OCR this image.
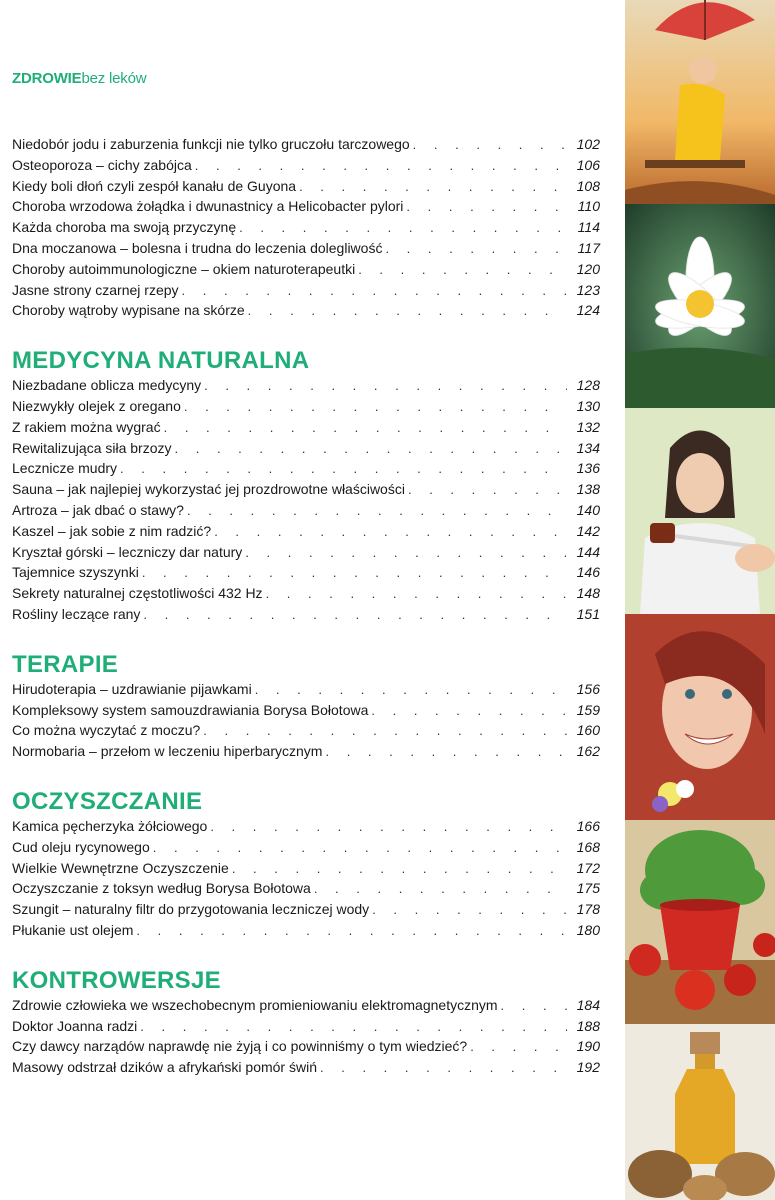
ZDROWIEbez leków
Niedobór jodu i zaburzenia funkcji nie tylko gruczołu tarczowego . . .	102
Osteoporoza – cichy zabójca . . .	106
Kiedy boli dłoń czyli zespół kanału de Guyona . . .	108
Choroba wrzodowa żołądka i dwunastnicy a Helicobacter pylori . . .	110
Każda choroba ma swoją przyczynę . . .	114
Dna moczanowa – bolesna i trudna do leczenia dolegliwość . . .	117
Choroby autoimmunologiczne – okiem naturoterapeutki . . .	120
Jasne strony czarnej rzepy . . .	123
Choroby wątroby wypisane na skórze . . .	124
MEDYCYNA NATURALNA
Niezbadane oblicza medycyny . . .	128
Niezwykły olejek z oregano . . .	130
Z rakiem można wygrać . . .	132
Rewitalizująca siła brzozy . . .	134
Lecznicze mudry . . .	136
Sauna – jak najlepiej wykorzystać jej prozdrowotne właściwości . . .	138
Artroza – jak dbać o stawy? . . .	140
Kaszel – jak sobie z nim radzić? . . .	142
Kryształ górski – leczniczy dar natury . . .	144
Tajemnice szyszynki . . .	146
Sekrety naturalnej częstotliwości 432 Hz . . .	148
Rośliny leczące rany . . .	151
TERAPIE
Hirudoterapia – uzdrawianie pijawkami . . .	156
Kompleksowy system samouzdrawiania Borysa Bołotowa . . .	159
Co można wyczytać z moczu? . . .	160
Normobaria – przełom w leczeniu hiperbarycznym . . .	162
OCZYSZCZANIE
Kamica pęcherzyka żółciowego . . .	166
Cud oleju rycynowego . . .	168
Wielkie Wewnętrzne Oczyszczenie . . .	172
Oczyszczanie z toksyn według Borysa Bołotowa . . .	175
Szungit – naturalny filtr do przygotowania leczniczej wody . . .	178
Płukanie ust olejem . . .	180
KONTROWERSJE
Zdrowie człowieka we wszechobecnym promieniowaniu elektromagnetycznym . . .	184
Doktor Joanna radzi . . .	188
Czy dawcy narządów naprawdę nie żyją i co powinniśmy o tym wiedzieć? . . .	190
Masowy odstrzał dzików a afrykański pomór świń . . .	192
